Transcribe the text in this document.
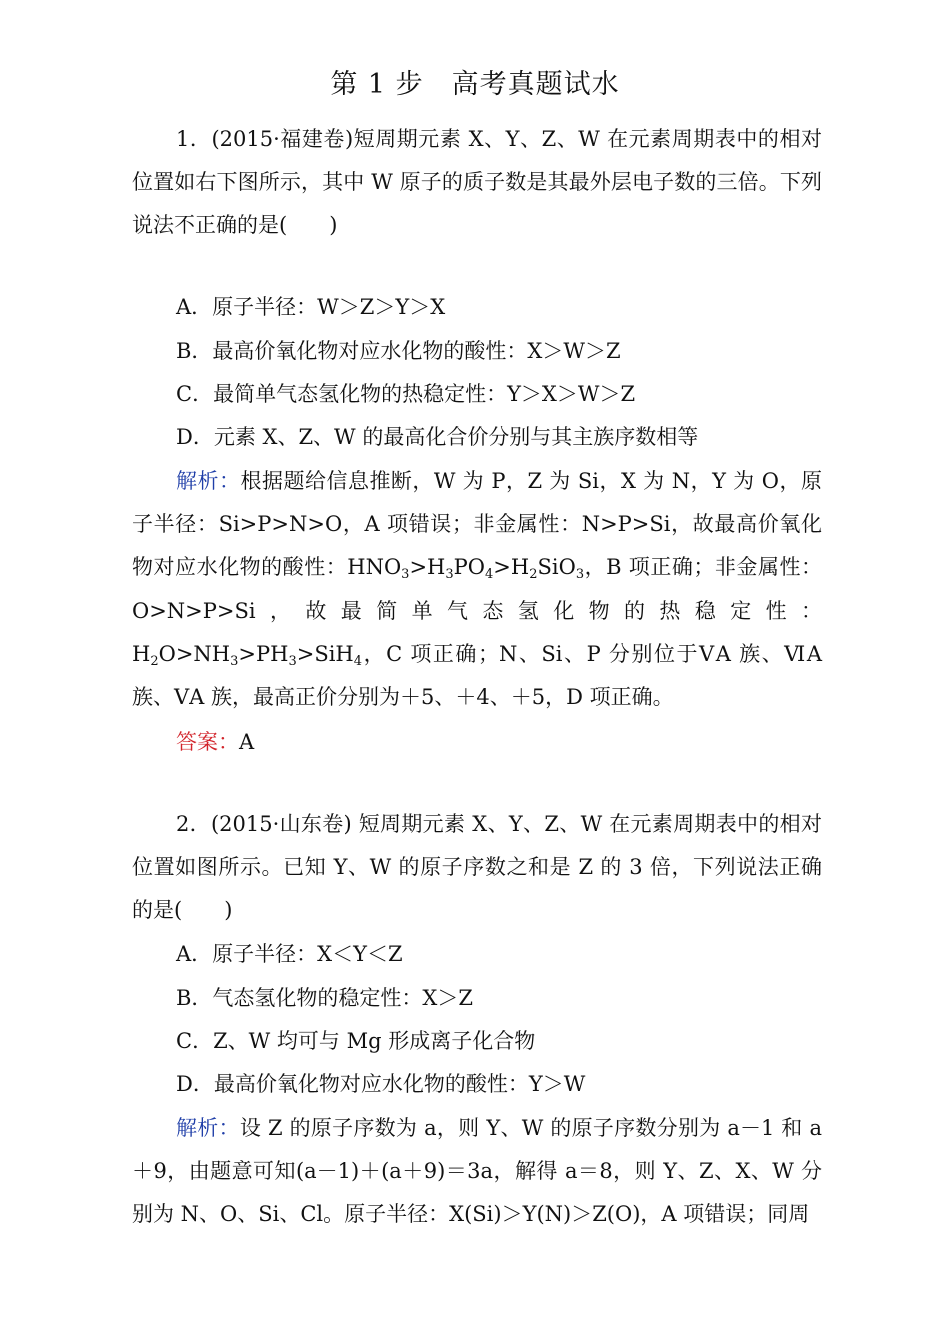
第 1 步　高考真题试水

1．(2015·福建卷)短周期元素 X、Y、Z、W 在元素周期表中的相对位置如右下图所示，其中 W 原子的质子数是其最外层电子数的三倍。下列说法不正确的是(　　)

A．原子半径：W＞Z＞Y＞X

B．最高价氧化物对应水化物的酸性：X＞W＞Z

C．最简单气态氢化物的热稳定性：Y＞X＞W＞Z

D．元素 X、Z、W 的最高化合价分别与其主族序数相等

解析：根据题给信息推断，W 为 P，Z 为 Si，X 为 N，Y 为 O，原子半径：Si>P>N>O，A 项错误；非金属性：N>P>Si，故最高价氧化物对应水化物的酸性：$HNO_3>H_3PO_4>H_2SiO_3$，B 项正确；非金属性：O>N>P>Si，故最简单气态氢化物的热稳定性：$H_2O>NH_3>PH_3>SiH_4$，C 项正确；N、Si、P 分别位于ⅤA 族、ⅥA 族、ⅤA 族，最高正价分别为＋5、＋4、＋5，D 项正确。

答案：A

2．(2015·山东卷) 短周期元素 X、Y、Z、W 在元素周期表中的相对位置如图所示。已知 Y、W 的原子序数之和是 Z 的 3 倍，下列说法正确的是(　　)

A．原子半径：X＜Y＜Z

B．气态氢化物的稳定性：X＞Z

C．Z、W 均可与 Mg 形成离子化合物

D．最高价氧化物对应水化物的酸性：Y＞W

解析：设 Z 的原子序数为 a，则 Y、W 的原子序数分别为 a－1 和 a＋9，由题意可知(a－1)＋(a＋9)＝3a，解得 a＝8，则 Y、Z、X、W 分别为 N、O、Si、Cl。原子半径：X(Si)＞Y(N)＞Z(O)，A 项错误；同周
